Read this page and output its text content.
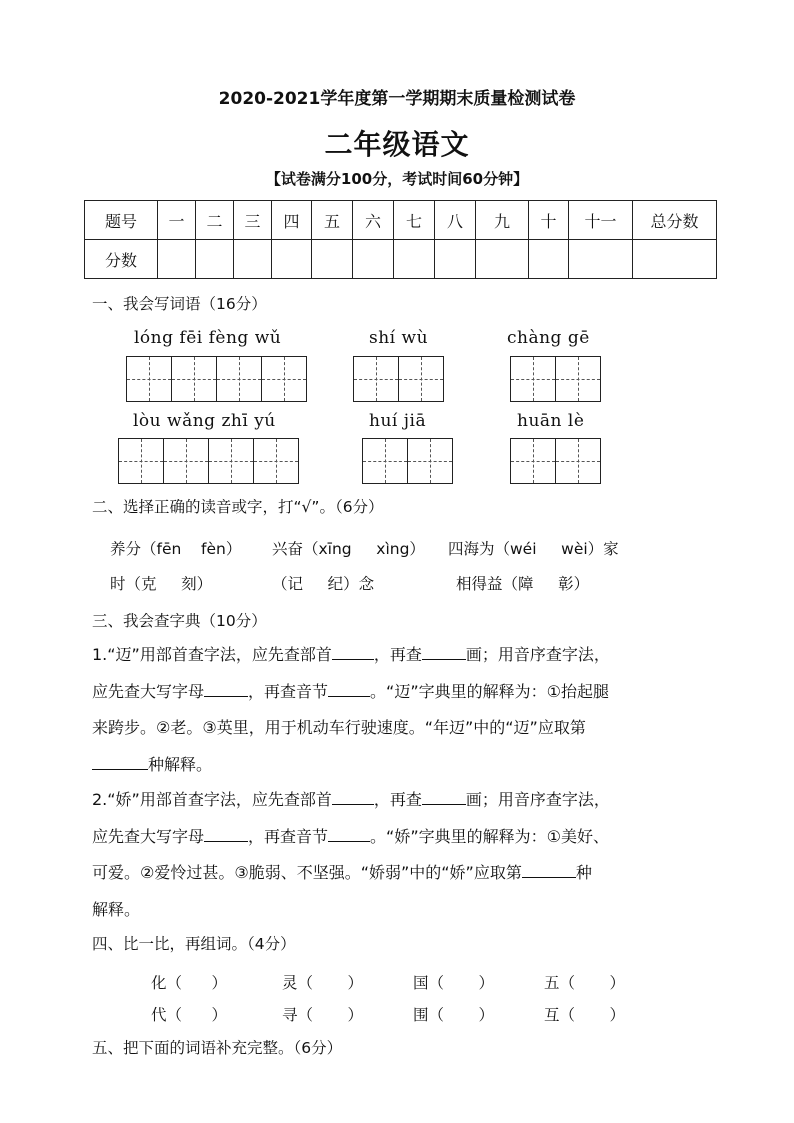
2020-2021学年度第一学期期末质量检测试卷
二年级语文
【试卷满分100分，考试时间60分钟】
题号	一	二	三	四	五	六	七	八	九	十	十一	总分数
分数												
一、我会写词语（16分）
lóng fēi fèng wǔ	shí wù	chàng gē
lòu wǎng zhī yú	huí jiā	huān lè
二、选择正确的读音或字，打“√”。（6分）
养分（fēn    fèn） 兴奋（xīng     xìng） 四海为（wéi     wèi）家
时（克     刻）	（记     纪）念	相得益（障     彰）
三、我会查字典（10分）
1.“迈”用部首查字法，应先查部首	，再查	画；用音序查字法，
应先查大写字母	，再查音节	。“迈”字典里的解释为：①抬起腿
来跨步。②老。③英里，用于机动车行驶速度。“年迈”中的“迈”应取第
种解释。
2.“娇”用部首查字法，应先查部首	，再查	画；用音序查字法，
应先查大写字母	，再查音节	。“娇”字典里的解释为：①美好、
可爱。②爱怜过甚。③脆弱、不坚强。“娇弱”中的“娇”应取第	种
解释。
四、比一比，再组词。（4分）
化（      ）	灵（       ）	国（       ）	五（       ）
代（      ）	寻（       ）	围（       ）	互（       ）
五、把下面的词语补充完整。（6分）
